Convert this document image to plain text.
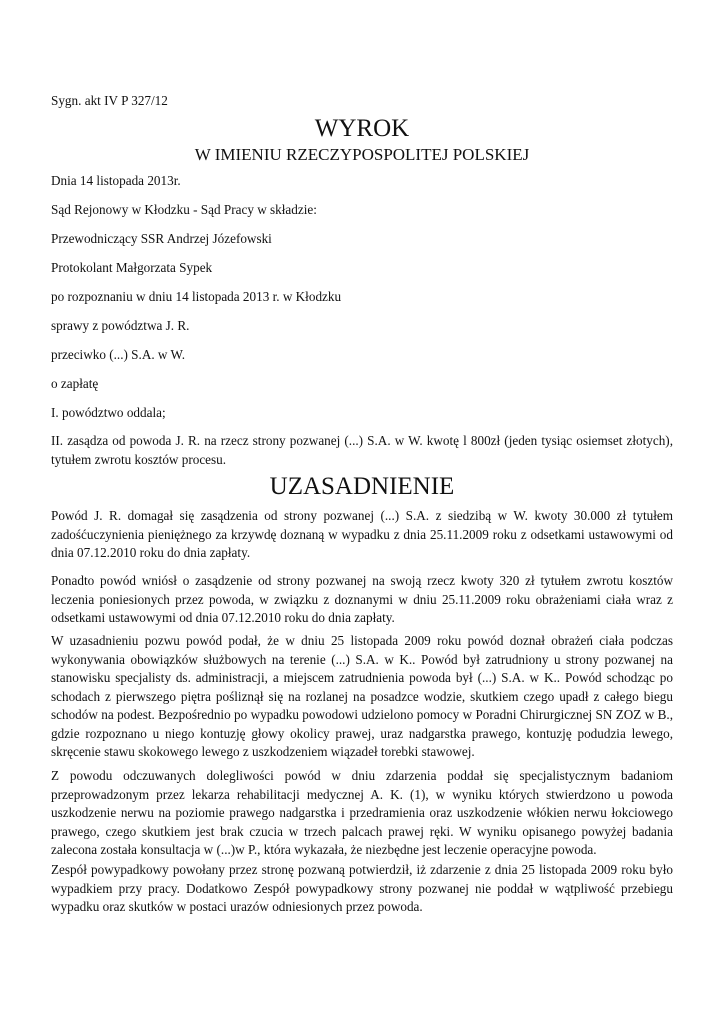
Sygn. akt IV P 327/12
WYROK
W IMIENIU RZECZYPOSPOLITEJ POLSKIEJ
Dnia 14 listopada 2013r.
Sąd Rejonowy w Kłodzku - Sąd Pracy w składzie:
Przewodniczący SSR Andrzej Józefowski
Protokolant Małgorzata Sypek
po rozpoznaniu w dniu 14 listopada 2013 r. w Kłodzku
sprawy z powództwa J. R.
przeciwko (...) S.A. w W.
o zapłatę
I. powództwo oddala;
II. zasądza od powoda J. R. na rzecz strony pozwanej (...) S.A. w W. kwotę l 800zł (jeden tysiąc osiemset złotych), tytułem zwrotu kosztów procesu.
UZASADNIENIE
Powód J. R. domagał się zasądzenia od strony pozwanej (...) S.A. z siedzibą w W. kwoty 30.000 zł tytułem zadośćuczynienia pieniężnego za krzywdę doznaną w wypadku z dnia 25.11.2009 roku z odsetkami ustawowymi od dnia 07.12.2010 roku do dnia zapłaty.
Ponadto powód wniósł o zasądzenie od strony pozwanej na swoją rzecz kwoty 320 zł tytułem zwrotu kosztów leczenia poniesionych przez powoda, w związku z doznanymi w dniu 25.11.2009 roku obrażeniami ciała wraz z odsetkami ustawowymi od dnia 07.12.2010 roku do dnia zapłaty.
W uzasadnieniu pozwu powód podał, że w dniu 25 listopada 2009 roku powód doznał obrażeń ciała podczas wykonywania obowiązków służbowych na terenie (...) S.A. w K.. Powód był zatrudniony u strony pozwanej na stanowisku specjalisty ds. administracji, a miejscem zatrudnienia powoda był (...) S.A. w K.. Powód schodząc po schodach z pierwszego piętra pośliznął się na rozlanej na posadzce wodzie, skutkiem czego upadł z całego biegu schodów na podest. Bezpośrednio po wypadku powodowi udzielono pomocy w Poradni Chirurgicznej SN ZOZ w B., gdzie rozpoznano u niego kontuzję głowy okolicy prawej, uraz nadgarstka prawego, kontuzję podudzia lewego, skręcenie stawu skokowego lewego z uszkodzeniem wiązadeł torebki stawowej.
Z powodu odczuwanych dolegliwości powód w dniu zdarzenia poddał się specjalistycznym badaniom przeprowadzonym przez lekarza rehabilitacji medycznej A. K. (1), w wyniku których stwierdzono u powoda uszkodzenie nerwu na poziomie prawego nadgarstka i przedramienia oraz uszkodzenie włókien nerwu łokciowego prawego, czego skutkiem jest brak czucia w trzech palcach prawej ręki. W wyniku opisanego powyżej badania zalecona została konsultacja w (...)w P., która wykazała, że niezbędne jest leczenie operacyjne powoda.
Zespół powypadkowy powołany przez stronę pozwaną potwierdził, iż zdarzenie z dnia 25 listopada 2009 roku było wypadkiem przy pracy. Dodatkowo Zespół powypadkowy strony pozwanej nie poddał w wątpliwość przebiegu wypadku oraz skutków w postaci urazów odniesionych przez powoda.
